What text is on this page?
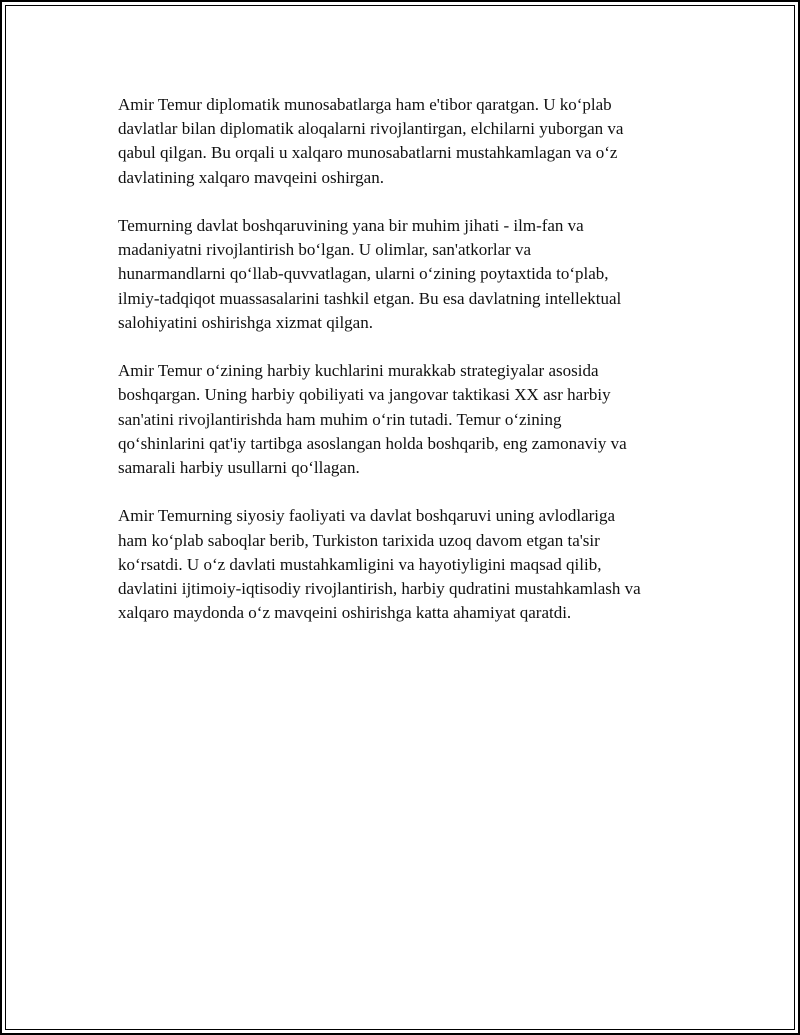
Amir Temur diplomatik munosabatlarga ham e'tibor qaratgan. U ko‘plab
davlatlar bilan diplomatik aloqalarni rivojlantirgan, elchilarni yuborgan va
qabul qilgan. Bu orqali u xalqaro munosabatlarni mustahkamlagan va o‘z
davlatining xalqaro mavqeini oshirgan.

Temurning davlat boshqaruvining yana bir muhim jihati - ilm-fan va
madaniyatni rivojlantirish bo‘lgan. U olimlar, san'atkorlar va
hunarmandlarni qo‘llab-quvvatlagan, ularni o‘zining poytaxtida to‘plab,
ilmiy-tadqiqot muassasalarini tashkil etgan. Bu esa davlatning intellektual
salohiyatini oshirishga xizmat qilgan.

Amir Temur o‘zining harbiy kuchlarini murakkab strategiyalar asosida
boshqargan. Uning harbiy qobiliyati va jangovar taktikasi XX asr harbiy
san'atini rivojlantirishda ham muhim o‘rin tutadi. Temur o‘zining
qo‘shinlarini qat'iy tartibga asoslangan holda boshqarib, eng zamonaviy va
samarali harbiy usullarni qo‘llagan.

Amir Temurning siyosiy faoliyati va davlat boshqaruvi uning avlodlariga
ham ko‘plab saboqlar berib, Turkiston tarixida uzoq davom etgan ta'sir
ko‘rsatdi. U o‘z davlati mustahkamligini va hayotiyligini maqsad qilib,
davlatini ijtimoiy-iqtisodiy rivojlantirish, harbiy qudratini mustahkamlash va
xalqaro maydonda o‘z mavqeini oshirishga katta ahamiyat qaratdi.
